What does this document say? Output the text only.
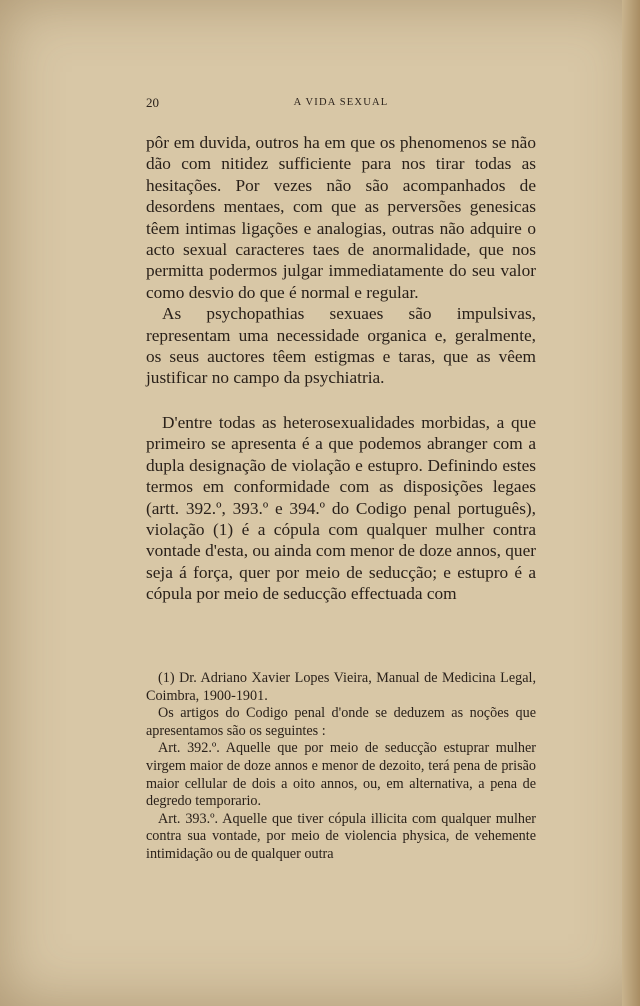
20	A VIDA SEXUAL

pôr em duvida, outros ha em que os phenomenos se não dão com nitidez sufficiente para nos tirar todas as hesitações. Por vezes não são acompanhados de desordens mentaes, com que as perversões genesicas têem intimas ligações e analogias, outras não adquire o acto sexual caracteres taes de anormalidade, que nos permitta podermos julgar immediatamente do seu valor como desvio do que é normal e regular.

As psychopathias sexuaes são impulsivas, representam uma necessidade organica e, geralmente, os seus auctores têem estigmas e taras, que as vêem justificar no campo da psychiatria.

D'entre todas as heterosexualidades morbidas, a que primeiro se apresenta é a que podemos abranger com a dupla designação de violação e estupro. Definindo estes termos em conformidade com as disposições legaes (artt. 392.º, 393.º e 394.º do Codigo penal português), violação (1) é a cópula com qualquer mulher contra vontade d'esta, ou ainda com menor de doze annos, quer seja á força, quer por meio de seducção; e estupro é a cópula por meio de seducção effectuada com

(1) Dr. Adriano Xavier Lopes Vieira, Manual de Medicina Legal, Coimbra, 1900-1901.

Os artigos do Codigo penal d'onde se deduzem as noções que apresentamos são os seguintes :

Art. 392.º. Aquelle que por meio de seducção estuprar mulher virgem maior de doze annos e menor de dezoito, terá pena de prisão maior cellular de dois a oito annos, ou, em alternativa, a pena de degredo temporario.

Art. 393.º. Aquelle que tiver cópula illicita com qualquer mulher contra sua vontade, por meio de violencia physica, de vehemente intimidação ou de qualquer outra
